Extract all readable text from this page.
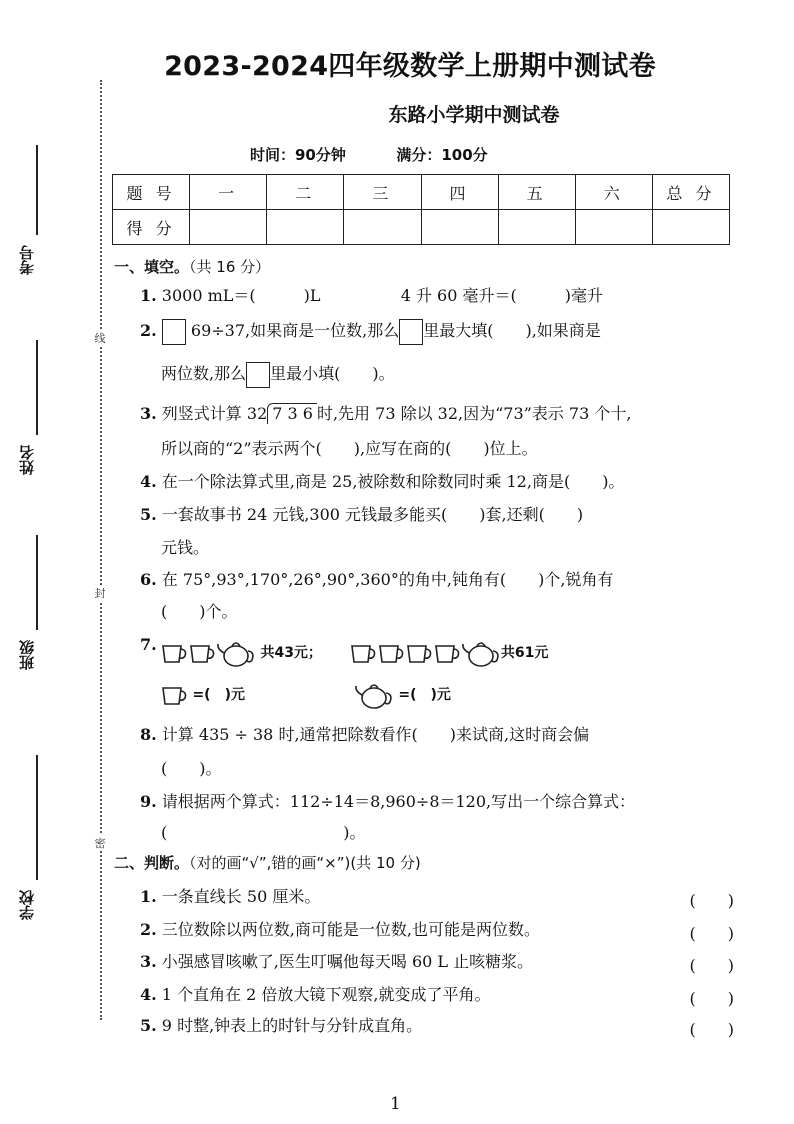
线
封
密
考号
姓名
班级
学校
2023-2024四年级数学上册期中测试卷
东路小学期中测试卷
时间：90分钟	满分：100分
题 号	一	二	三	四	五	六	总 分
得 分							
一、填空。（共 16 分）
1. 3000 mL＝(　　　)L	4 升 60 毫升＝(　　　)毫升
2. 69÷37,如果商是一位数,那么 里最大填(　　),如果商是
两位数,那么 里最小填(　　)。
3. 列竖式计算 32 7 3 6 时,先用 73 除以 32,因为“73”表示 73 个十,
所以商的“2”表示两个(　　),应写在商的(　　)位上。
4. 在一个除法算式里,商是 25,被除数和除数同时乘 12,商是(　　)。
5. 一套故事书 24 元钱,300 元钱最多能买(　　)套,还剩(　　)
元钱。
6. 在 75°,93°,170°,26°,90°,360°的角中,钝角有(　　)个,锐角有
(　　)个。
7.	共43元；	共61元
=(　)元	=(　)元
8. 计算 435 ÷ 38 时,通常把除数看作(　　)来试商,这时商会偏
(　　)。
9. 请根据两个算式：112÷14＝8,960÷8＝120,写出一个综合算式：
(　　　　　　　　　　　)。
二、判断。（对的画“√”,错的画“×”)(共 10 分)
1. 一条直线长 50 厘米。	(　　)
2. 三位数除以两位数,商可能是一位数,也可能是两位数。	(　　)
3. 小强感冒咳嗽了,医生叮嘱他每天喝 60 L 止咳糖浆。	(　　)
4. 1 个直角在 2 倍放大镜下观察,就变成了平角。	(　　)
5. 9 时整,钟表上的时针与分针成直角。	(　　)
1
